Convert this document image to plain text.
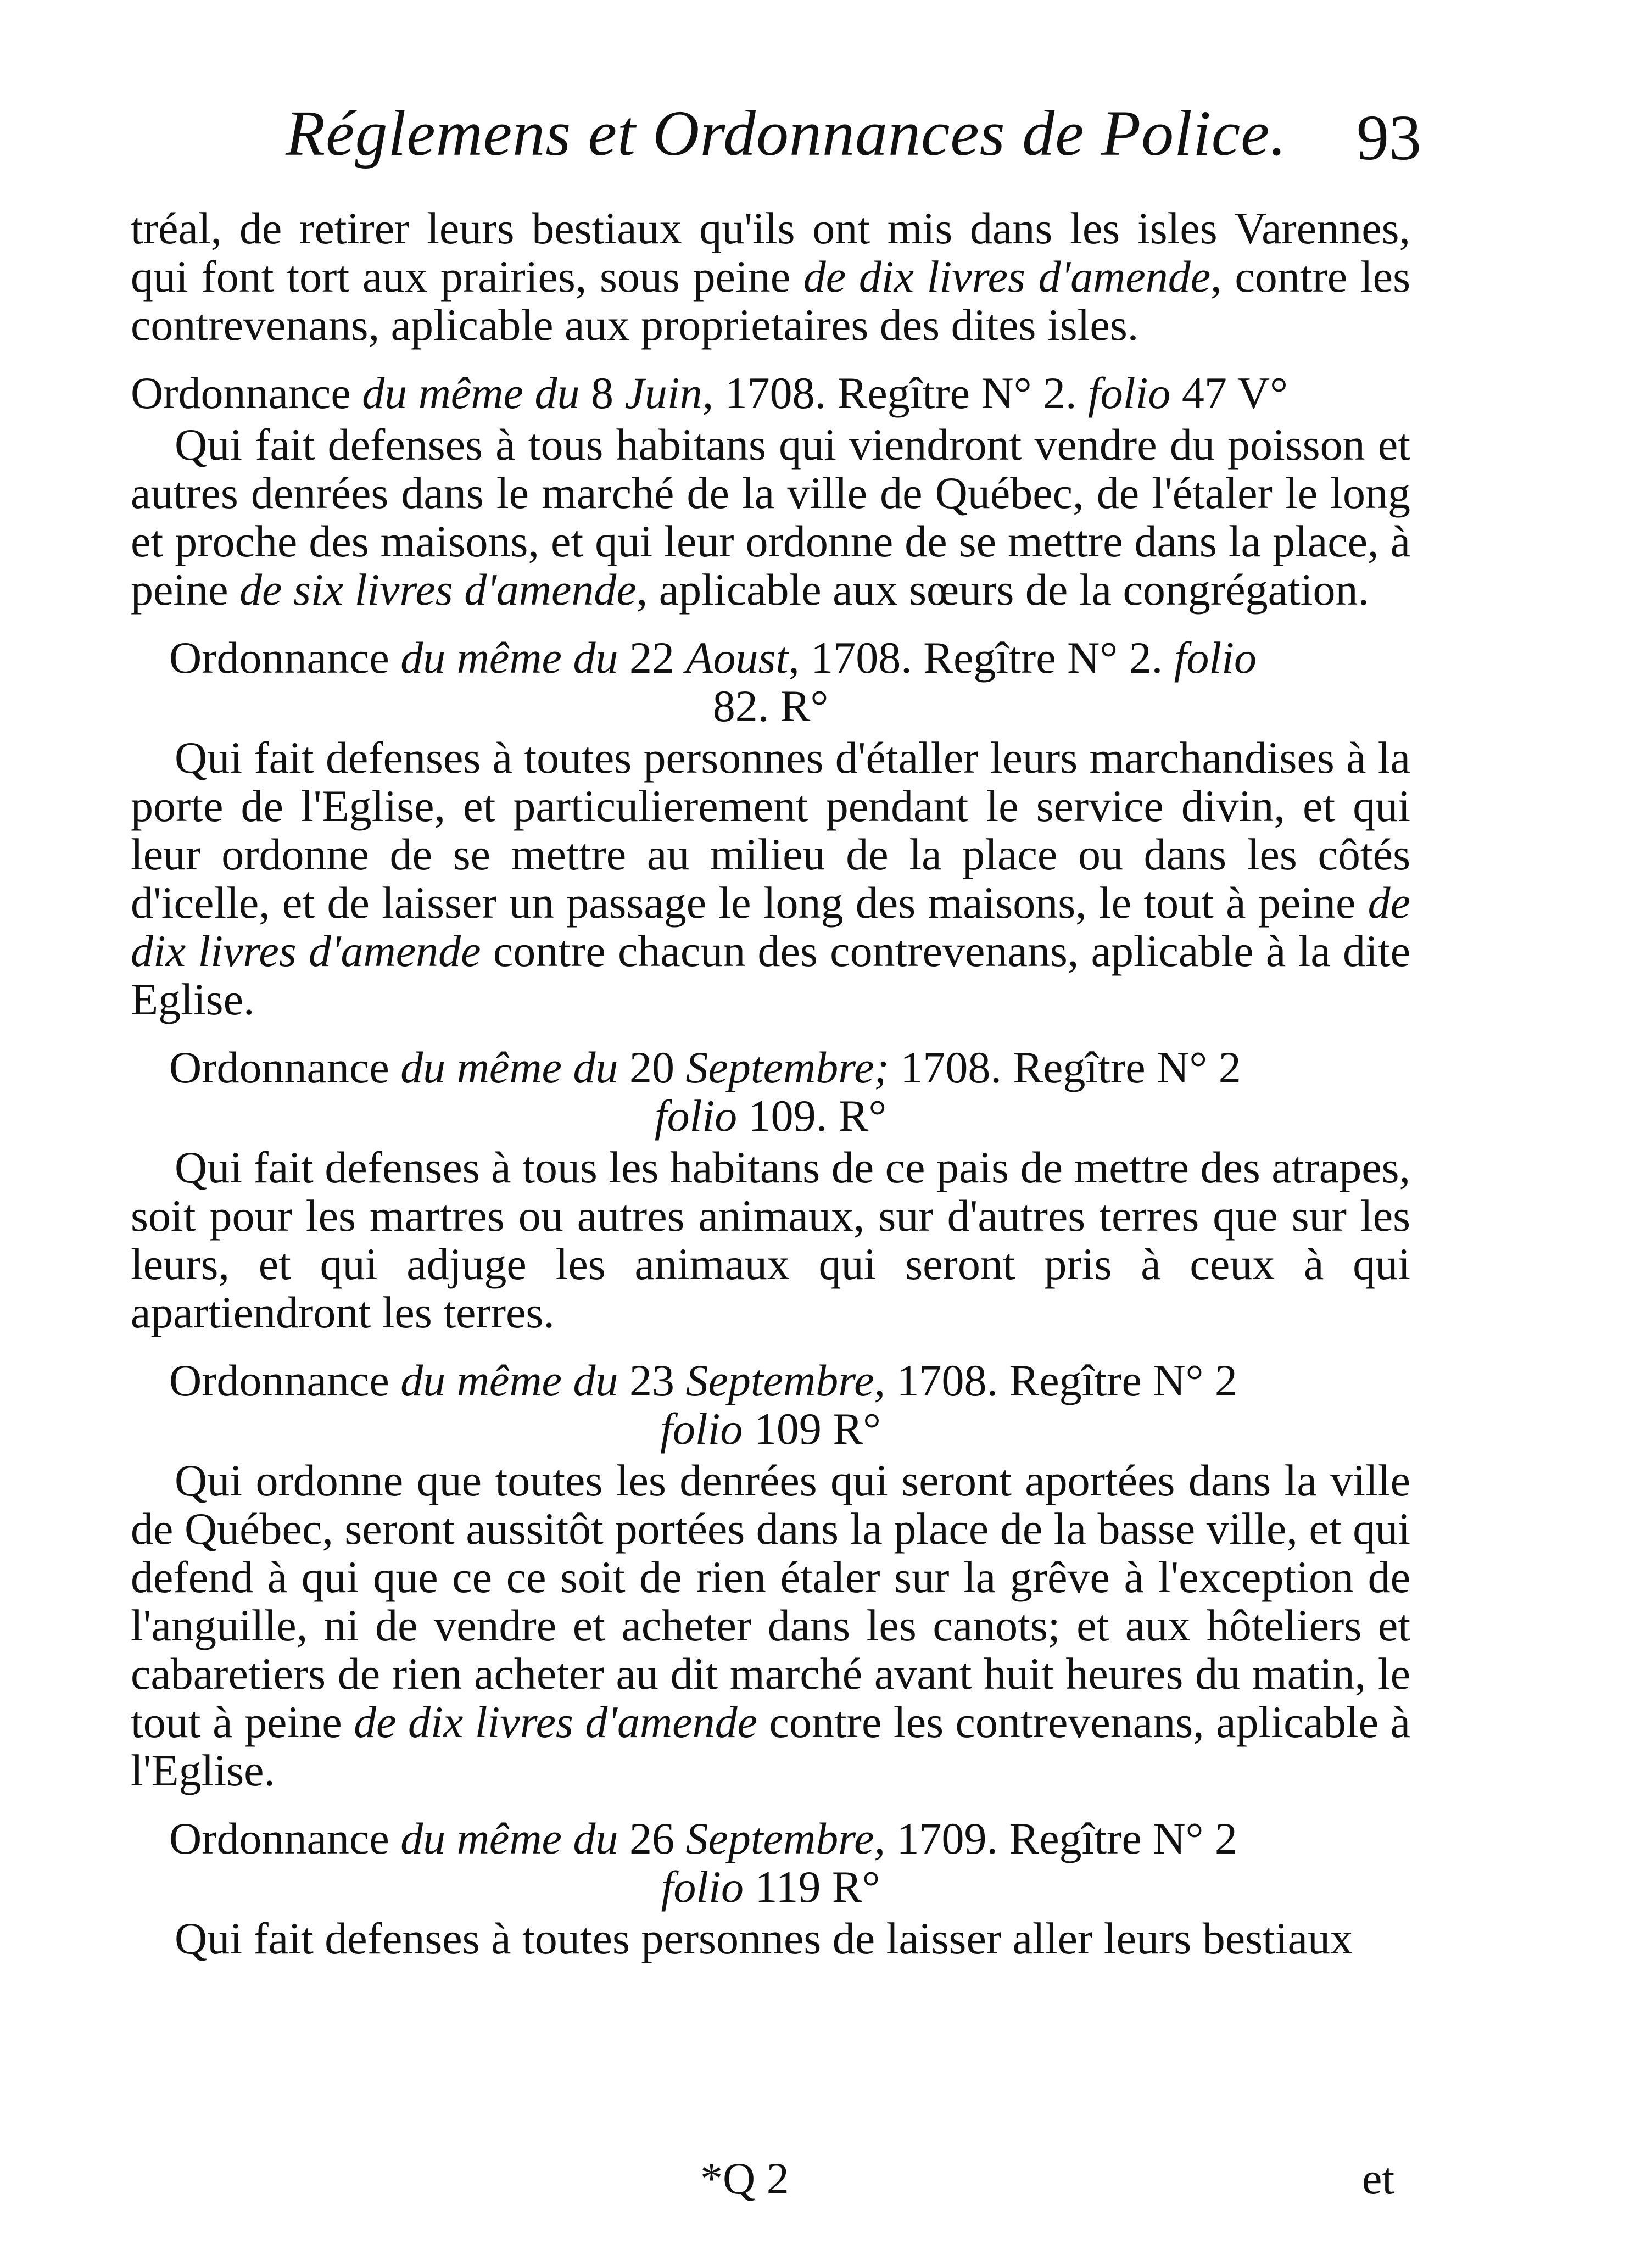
Réglemens et Ordonnances de Police. 93

tréal, de retirer leurs bestiaux qu'ils ont mis dans les isles Varennes, qui font tort aux prairies, sous peine de dix livres d'amende, contre les contrevenans, aplicable aux proprietaires des dites isles.

Ordonnance du même du 8 Juin, 1708. Regître N° 2. folio 47 V°

Qui fait defenses à tous habitans qui viendront vendre du poisson et autres denrées dans le marché de la ville de Québec, de l'étaler le long et proche des maisons, et qui leur ordonne de se mettre dans la place, à peine de six livres d'amende, aplicable aux sœurs de la congrégation.

Ordonnance du même du 22 Aoust, 1708. Regître N° 2. folio
82. R°

Qui fait defenses à toutes personnes d'étaller leurs marchandises à la porte de l'Eglise, et particulierement pendant le service divin, et qui leur ordonne de se mettre au milieu de la place ou dans les côtés d'icelle, et de laisser un passage le long des maisons, le tout à peine de dix livres d'amende contre chacun des contrevenans, aplicable à la dite Eglise.

Ordonnance du même du 20 Septembre; 1708. Regître N° 2
folio 109. R°

Qui fait defenses à tous les habitans de ce pais de mettre des atrapes, soit pour les martres ou autres animaux, sur d'autres terres que sur les leurs, et qui adjuge les animaux qui seront pris à ceux à qui apartiendront les terres.

Ordonnance du même du 23 Septembre, 1708. Regître N° 2
folio 109 R°

Qui ordonne que toutes les denrées qui seront aportées dans la ville de Québec, seront aussitôt portées dans la place de la basse ville, et qui defend à qui que ce ce soit de rien étaler sur la grêve à l'exception de l'anguille, ni de vendre et acheter dans les canots; et aux hôteliers et cabaretiers de rien acheter au dit marché avant huit heures du matin, le tout à peine de dix livres d'amende contre les contrevenans, aplicable à l'Eglise.

Ordonnance du même du 26 Septembre, 1709. Regître N° 2
folio 119 R°

Qui fait defenses à toutes personnes de laisser aller leurs bestiaux

*Q 2	et
